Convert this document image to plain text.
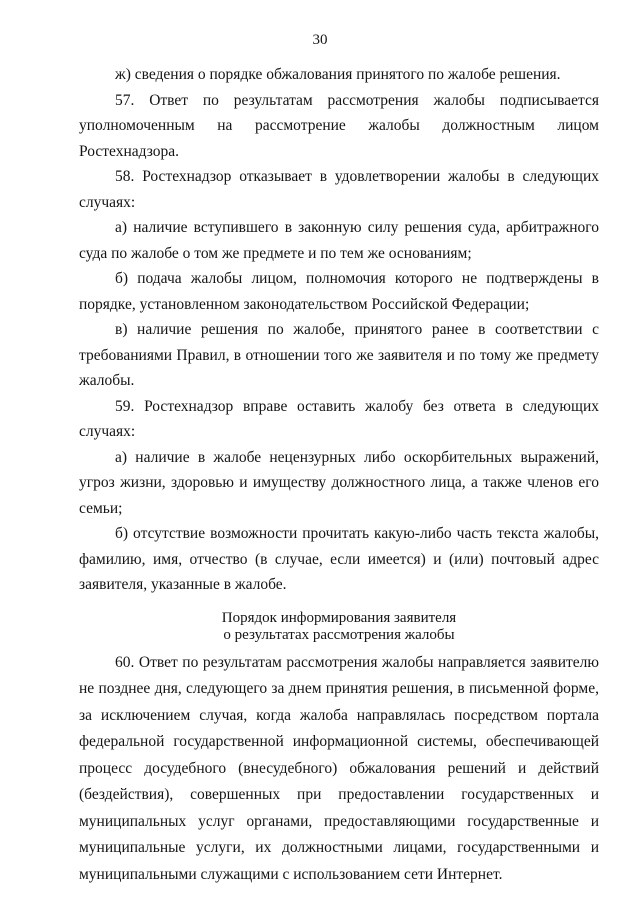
30

ж) сведения о порядке обжалования принятого по жалобе решения.

57. Ответ по результатам рассмотрения жалобы подписывается уполномоченным на рассмотрение жалобы должностным лицом Ростехнадзора.

58. Ростехнадзор отказывает в удовлетворении жалобы в следующих случаях:

а) наличие вступившего в законную силу решения суда, арбитражного суда по жалобе о том же предмете и по тем же основаниям;

б) подача жалобы лицом, полномочия которого не подтверждены в порядке, установленном законодательством Российской Федерации;

в) наличие решения по жалобе, принятого ранее в соответствии с требованиями Правил, в отношении того же заявителя и по тому же предмету жалобы.

59. Ростехнадзор вправе оставить жалобу без ответа в следующих случаях:

а) наличие в жалобе нецензурных либо оскорбительных выражений, угроз жизни, здоровью и имуществу должностного лица, а также членов его семьи;

б) отсутствие возможности прочитать какую-либо часть текста жалобы, фамилию, имя, отчество (в случае, если имеется) и (или) почтовый адрес заявителя, указанные в жалобе.

Порядок информирования заявителя
о результатах рассмотрения жалобы

60. Ответ по результатам рассмотрения жалобы направляется заявителю не позднее дня, следующего за днем принятия решения, в письменной форме, за исключением случая, когда жалоба направлялась посредством портала федеральной государственной информационной системы, обеспечивающей процесс досудебного (внесудебного) обжалования решений и действий (бездействия), совершенных при предоставлении государственных и муниципальных услуг органами, предоставляющими государственные и муниципальные услуги, их должностными лицами, государственными и муниципальными служащими с использованием сети Интернет.
